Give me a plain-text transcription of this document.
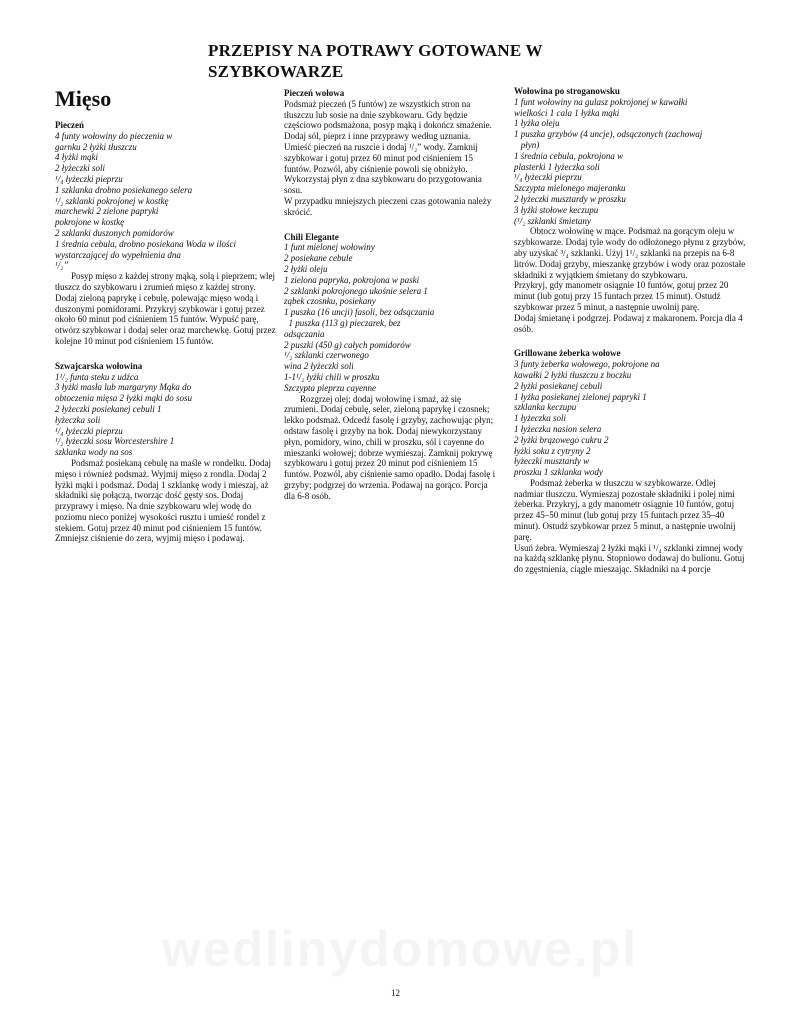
PRZEPISY NA POTRAWY GOTOWANE W SZYBKOWARZE
Mięso
Pieczeń
4 funty wołowiny do pieczenia w
garnku 2 łyżki tłuszczu
4 łyżki mąki
2 łyżeczki soli
¹/₄ łyżeczki pieprzu
1 szklanka drobno posiekanego selera
¹/₂ szklanki pokrojonej w kostkę
marchewki 2 zielone papryki
pokrojone w kostkę
2 szklanki duszonych pomidorów
1 średnia cebula, drobno posiekana Woda w ilości
wystarczającej do wypełnienia dna
¹/₂”
Posyp mięso z każdej strony mąką, solą i pieprzem; wlej tłuszcz do szybkowaru i zrumień mięso z każdej strony. Dodaj zieloną paprykę i cebulę, polewając mięso wodą i duszonymi pomidorami. Przykryj szybkowar i gotuj przez około 60 minut pod ciśnieniem 15 funtów. Wypuść parę, otwórz szybkowar i dodaj seler oraz marchewkę. Gotuj przez kolejne 10 minut pod ciśnieniem 15 funtów.
Szwajcarska wołowina
1¹/₂ funta steku z udźca
3 łyżki masła lub margaryny Mąka do
obtoczenia mięsa 2 łyżki mąki do sosu
2 łyżeczki posiekanej cebuli 1
łyżeczka soli
¹/₄ łyżeczki pieprzu
¹/₂ łyżeczki sosu Worcestershire 1
szklanka wody na sos
Podsmaż posiekaną cebulę na maśle w rondelku. Dodaj mięso i również podsmaż. Wyjmij mięso z rondla. Dodaj 2 łyżki mąki i podsmaż. Dodaj 1 szklankę wody i mieszaj, aż składniki się połączą, tworząc dość gęsty sos. Dodaj przyprawy i mięso. Na dnie szybkowaru wlej wodę do poziomu nieco poniżej wysokości rusztu i umieść rondel z stekiem. Gotuj przez 40 minut pod ciśnieniem 15 funtów. Zmniejsz ciśnienie do zera, wyjmij mięso i podawaj.
Pieczeń wołowa
Podsmaż pieczeń (5 funtów) ze wszystkich stron na tłuszczu lub sosie na dnie szybkowaru. Gdy będzie częściowo podsmażona, posyp mąką i dokończ smażenie. Dodaj sól, pieprz i inne przyprawy według uznania. Umieść pieczeń na ruszcie i dodaj ¹/₂” wody. Zamknij szybkowar i gotuj przez 60 minut pod ciśnieniem 15 funtów. Pozwól, aby ciśnienie powoli się obniżyło. Wykorzystaj płyn z dna szybkowaru do przygotowania sosu.
W przypadku mniejszych pieczeni czas gotowania należy skrócić.
Chili Elegante
1 funt mielonej wołowiny
2 posiekane cebule
2 łyżki oleju
1 zielona papryka, pokrojona w paski
2 szklanki pokrojonego ukośnie selera 1
ząbek czosnku, posiekany
1 puszka (16 uncji) fasoli, bez odsączania
1 puszka (113 g) pieczarek, bez
odsączania
2 puszki (450 g) całych pomidorów
¹/₂ szklanki czerwonego
wina 2 łyżeczki soli
1-1¹/₂ łyżki chili w proszku
Szczypta pieprzu cayenne
Rozgrzej olej; dodaj wołowinę i smaż, aż się zrumieni. Dodaj cebulę, seler, zieloną paprykę i czosnek; lekko podsmaż. Odcedź fasolę i grzyby, zachowując płyn; odstaw fasolę i grzyby na bok. Dodaj niewykorzystany płyn, pomidory, wino, chili w proszku, sól i cayenne do mieszanki wołowej; dobrze wymieszaj. Zamknij pokrywę szybkowaru i gotuj przez 20 minut pod ciśnieniem 15 funtów. Pozwól, aby ciśnienie samo opadło. Dodaj fasolę i grzyby; podgrzej do wrzenia. Podawaj na gorąco. Porcja dla 6-8 osób.
Wołowina po stroganowsku
1 funt wołowiny na gulasz pokrojonej w kawałki
wielkości 1 cala 1 łyżka mąki
1 łyżka oleju
1 puszka grzybów (4 uncje), odsączonych (zachowaj
płyn)
1 średnia cebula, pokrojona w
plasterki 1 łyżeczka soli
¹/₄ łyżeczki pieprzu
Szczypta mielonego majeranku
2 łyżeczki musztardy w proszku
3 łyżki stołowe keczupu
(¹/₂ szklanki śmietany
Obtocz wołowinę w mące. Podsmaż na gorącym oleju w szybkowarze. Dodaj tyle wody do odłożonego płynu z grzybów, aby uzyskać ³/₄ szklanki. Użyj 1¹/₂ szklanki na przepis na 6-8 litrów. Dodaj grzyby, mieszankę grzybów i wody oraz pozostałe składniki z wyjątkiem śmietany do szybkowaru.
Przykryj, gdy manometr osiągnie 10 funtów, gotuj przez 20 minut (lub gotuj przy 15 funtach przez 15 minut). Ostudź szybkowar przez 5 minut, a następnie uwolnij parę.
Dodaj śmietanę i podgrzej. Podawaj z makaronem. Porcja dla 4 osób.
Grillowane żeberka wołowe
3 funty żeberka wołowego, pokrojone na
kawałki 2 łyżki tłuszczu z boczku
2 łyżki posiekanej cebuli
1 łyżka posiekanej zielonej papryki 1
szklanka keczupu
1 łyżeczka soli
1 łyżeczka nasion selera
2 łyżki brązowego cukru 2
łyżki soku z cytryny 2
łyżeczki musztardy w
proszku 1 szklanka wody
Podsmaż żeberka w tłuszczu w szybkowarze. Odlej nadmiar tłuszczu. Wymieszaj pozostałe składniki i polej nimi żeberka. Przykryj, a gdy manometr osiągnie 10 funtów, gotuj przez 45–50 minut (lub gotuj przy 15 funtach przez 35–40 minut). Ostudź szybkowar przez 5 minut, a następnie uwolnij parę.
Usuń żebra. Wymieszaj 2 łyżki mąki i ¹/₄ szklanki zimnej wody na każdą szklankę płynu. Stopniowo dodawaj do bulionu. Gotuj do zgęstnienia, ciągle mieszając. Składniki na 4 porcje
12
